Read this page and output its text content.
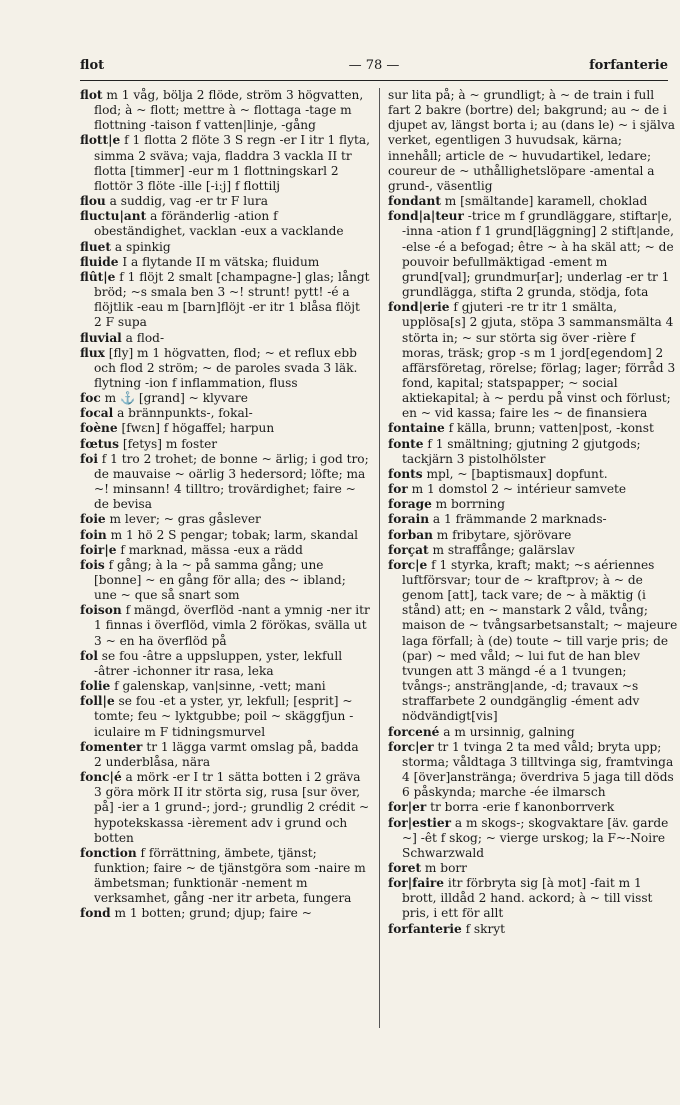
flot	— 78 —	forfanterie

flot m 1 våg, bölja 2 flöde, ström 3 högvatten, flod; à ~ flott; mettre à ~ flottaga -tage m flottning -taison f vatten|linje, -gång

flott|e f 1 flotta 2 flöte 3 S regn -er I itr 1 flyta, simma 2 sväva; vaja, fladdra 3 vackla II tr flotta [timmer] -eur m 1 flottningskarl 2 flottör 3 flöte -ille [-i:j] f flottilj

flou a suddig, vag -er tr F lura

fluctu|ant a föränderlig -ation f obeständighet, vacklan -eux a vacklande

fluet a spinkig

fluide I a flytande II m vätska; fluidum

flût|e f 1 flöjt 2 smalt [champagne-] glas; långt bröd; ~s smala ben 3 ~! strunt! pytt! -é a flöjtlik -eau m [barn]flöjt -er itr 1 blåsa flöjt 2 F supa

fluvial a flod-

flux [fly] m 1 högvatten, flod; ~ et reflux ebb och flod 2 ström; ~ de paroles svada 3 läk. flytning -ion f inflammation, fluss

foc m ⚓ [grand] ~ klyvare

focal a brännpunkts-, fokal-

foène [fwɛn] f högaffel; harpun

fœtus [fetys] m foster

foi f 1 tro 2 trohet; de bonne ~ ärlig; i god tro; de mauvaise ~ oärlig 3 hedersord; löfte; ma ~! minsann! 4 tilltro; trovärdighet; faire ~ de bevisa

foie m lever; ~ gras gåslever

foin m 1 hö 2 S pengar; tobak; larm, skandal

foir|e f marknad, mässa -eux a rädd

fois f gång; à la ~ på samma gång; une [bonne] ~ en gång för alla; des ~ ibland; une ~ que så snart som

foison f mängd, överflöd -nant a ymnig -ner itr 1 finnas i överflöd, vimla 2 förökas, svälla ut 3 ~ en ha överflöd på

fol se fou -âtre a uppsluppen, yster, lekfull -âtrer -ichonner itr rasa, leka

folie f galenskap, van|sinne, -vett; mani

foll|e se fou -et a yster, yr, lekfull; [esprit] ~ tomte; feu ~ lyktgubbe; poil ~ skäggfjun -iculaire m F tidningsmurvel

fomenter tr 1 lägga varmt omslag på, badda 2 underblåsa, nära

fonc|é a mörk -er I tr 1 sätta botten i 2 gräva 3 göra mörk II itr störta sig, rusa [sur över, på] -ier a 1 grund-; jord-; grundlig 2 crédit ~ hypotekskassa -ièrement adv i grund och botten

fonction f förrättning, ämbete, tjänst; funktion; faire ~ de tjänstgöra som -naire m ämbetsman; funktionär -nement m verksamhet, gång -ner itr arbeta, fungera

fond m 1 botten; grund; djup; faire ~

sur lita på; à ~ grundligt; à ~ de train i full fart 2 bakre (bortre) del; bakgrund; au ~ de i djupet av, längst borta i; au (dans le) ~ i själva verket, egentligen 3 huvudsak, kärna; innehåll; article de ~ huvudartikel, ledare; coureur de ~ uthållighetslöpare -amental a grund-, väsentlig

fondant m [smältande] karamell, choklad

fond|a|teur -trice m f grundläggare, stiftar|e, -inna -ation f 1 grund[läggning] 2 stift|ande, -else -é a befogad; être ~ à ha skäl att; ~ de pouvoir befullmäktigad -ement m grund[val]; grundmur[ar]; underlag -er tr 1 grundlägga, stifta 2 grunda, stödja, fota

fond|erie f gjuteri -re tr itr 1 smälta, upplösa[s] 2 gjuta, stöpa 3 sammansmälta 4 störta in; ~ sur störta sig över -rière f moras, träsk; grop -s m 1 jord[egendom] 2 affärsföretag, rörelse; förlag; lager; förråd 3 fond, kapital; statspapper; ~ social aktiekapital; à ~ perdu på vinst och förlust; en ~ vid kassa; faire les ~ de finansiera

fontaine f källa, brunn; vatten|post, -konst

fonte f 1 smältning; gjutning 2 gjutgods; tackjärn 3 pistolhölster

fonts mpl, ~ [baptismaux] dopfunt.

for m 1 domstol 2 ~ intérieur samvete

forage m borrning

forain a 1 främmande 2 marknads-

forban m fribytare, sjörövare

forçat m straffånge; galärslav

forc|e f 1 styrka, kraft; makt; ~s aériennes luftförsvar; tour de ~ kraftprov; à ~ de genom [att], tack vare; de ~ à mäktig (i stånd) att; en ~ manstark 2 våld, tvång; maison de ~ tvångsarbetsanstalt; ~ majeure laga förfall; à (de) toute ~ till varje pris; de (par) ~ med våld; ~ lui fut de han blev tvungen att 3 mängd -é a 1 tvungen; tvångs-; ansträng|ande, -d; travaux ~s straffarbete 2 oundgänglig -ément adv nödvändigt[vis]

forcené a m ursinnig, galning

forc|er tr 1 tvinga 2 ta med våld; bryta upp; storma; våldtaga 3 tilltvinga sig, framtvinga 4 [över]anstränga; överdriva 5 jaga till döds 6 påskynda; marche -ée ilmarsch

for|er tr borra -erie f kanonborrverk

for|estier a m skogs-; skogvaktare [äv. garde ~] -êt f skog; ~ vierge urskog; la F~-Noire Schwarzwald

foret m borr

for|faire itr förbryta sig [à mot] -fait m 1 brott, illdåd 2 hand. ackord; à ~ till visst pris, i ett för allt

forfanterie f skryt
